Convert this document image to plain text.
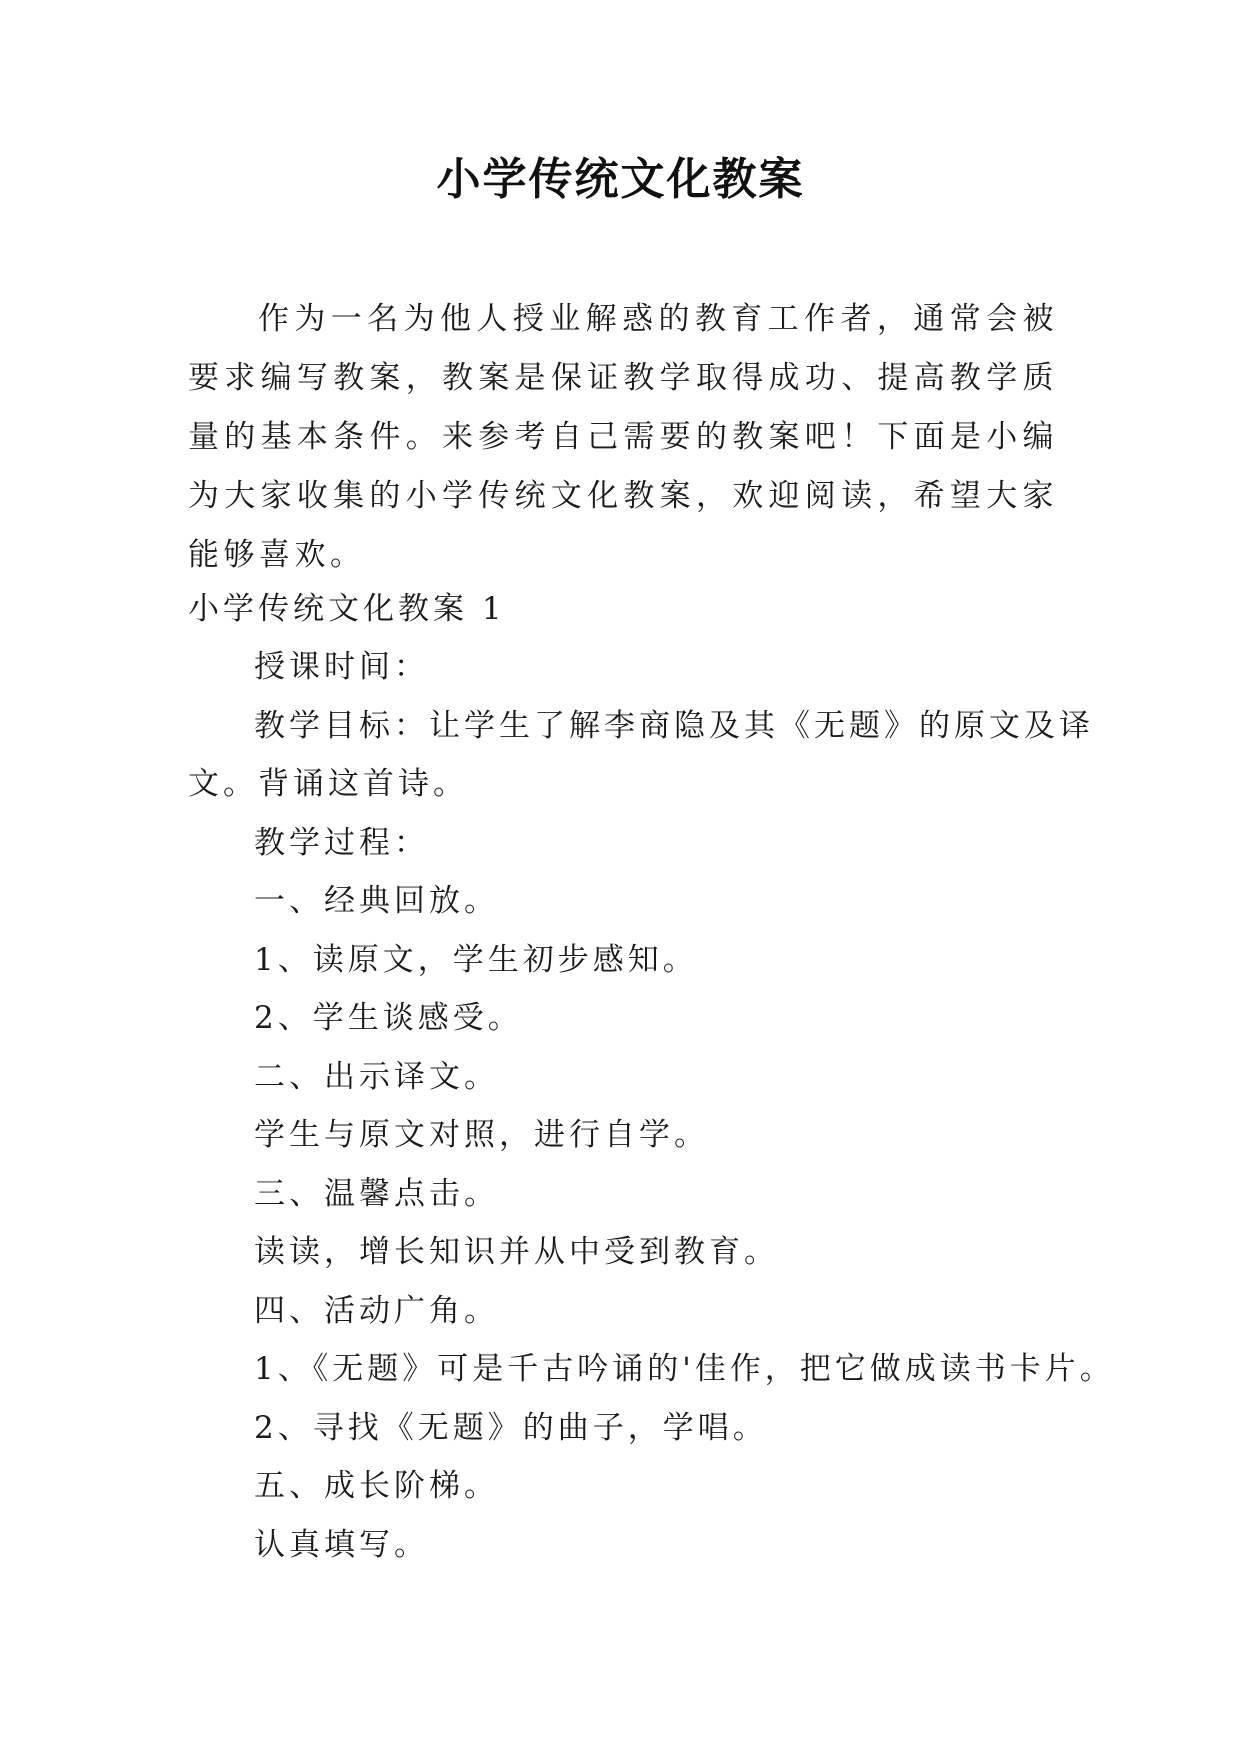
小学传统文化教案
作为一名为他人授业解惑的教育工作者，通常会被要求编写教案，教案是保证教学取得成功、提高教学质量的基本条件。来参考自己需要的教案吧！下面是小编为大家收集的小学传统文化教案，欢迎阅读，希望大家能够喜欢。
小学传统文化教案 1
授课时间：
教学目标：让学生了解李商隐及其《无题》的原文及译
文。背诵这首诗。
教学过程：
一、经典回放。
1、读原文，学生初步感知。
2、学生谈感受。
二、出示译文。
学生与原文对照，进行自学。
三、温馨点击。
读读，增长知识并从中受到教育。
四、活动广角。
1、《无题》可是千古吟诵的'佳作，把它做成读书卡片。
2、寻找《无题》的曲子，学唱。
五、成长阶梯。
认真填写。
